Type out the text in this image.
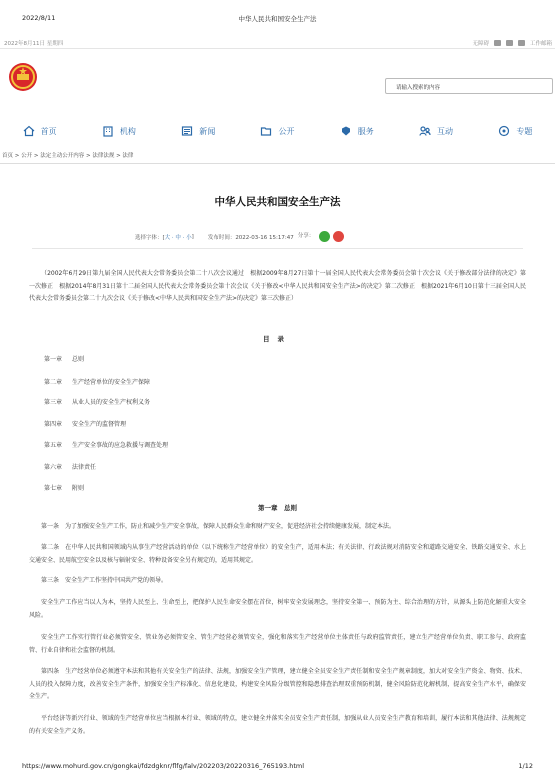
2022/8/11	中华人民共和国安全生产法
2022年8月11日 星期四	无障碍	工作邮箱
请输入搜索的内容
首页	机构	新闻	公开	服务	互动	专题
首页 > 公开 > 法定主动公开内容 > 法律法规 > 法律
中华人民共和国安全生产法
选择字体：[ 大 · 中 · 小 ]	发布时间：2022-03-16 15:17:47 分享：
（2002年6月29日第九届全国人民代表大会常务委员会第二十八次会议通过　根据2009年8月27日第十一届全国人民代表大会常务委员会第十次会议《关于修改部分法律的决定》第一次修正　根据2014年8月31日第十二届全国人民代表大会常务委员会第十次会议《关于修改<中华人民共和国安全生产法>的决定》第二次修正　根据2021年6月10日第十三届全国人民代表大会常务委员会第二十九次会议《关于修改<中华人民共和国安全生产法>的决定》第三次修正）
目录
第一章 总则
第二章 生产经营单位的安全生产保障
第三章 从业人员的安全生产权利义务
第四章 安全生产的监督管理
第五章 生产安全事故的应急救援与调查处理
第六章 法律责任
第七章 附则
第一章　总则
第一条　为了加强安全生产工作，防止和减少生产安全事故，保障人民群众生命和财产安全，促进经济社会持续健康发展，制定本法。
第二条　在中华人民共和国领域内从事生产经营活动的单位（以下统称生产经营单位）的安全生产，适用本法；有关法律、行政法规对消防安全和道路交通安全、铁路交通安全、水上交通安全、民用航空安全以及核与辐射安全、特种设备安全另有规定的，适用其规定。
第三条　安全生产工作坚持中国共产党的领导。
安全生产工作应当以人为本，坚持人民至上、生命至上，把保护人民生命安全摆在首位，树牢安全发展理念，坚持安全第一、预防为主、综合治理的方针，从源头上防范化解重大安全风险。
安全生产工作实行管行业必须管安全、管业务必须管安全、管生产经营必须管安全，强化和落实生产经营单位主体责任与政府监管责任，建立生产经营单位负责、职工参与、政府监管、行业自律和社会监督的机制。
第四条　生产经营单位必须遵守本法和其他有关安全生产的法律、法规，加强安全生产管理，建立健全全员安全生产责任制和安全生产规章制度，加大对安全生产资金、物资、技术、人员的投入保障力度，改善安全生产条件，加强安全生产标准化、信息化建设，构建安全风险分级管控和隐患排查治理双重预防机制，健全风险防范化解机制，提高安全生产水平，确保安全生产。
平台经济等新兴行业、领域的生产经营单位应当根据本行业、领域的特点，建立健全并落实全员安全生产责任制，加强从业人员安全生产教育和培训，履行本法和其他法律、法规规定的有关安全生产义务。
https://www.mohurd.gov.cn/gongkai/fdzdgknr/flfg/falv/202203/20220316_765193.html	1/12
